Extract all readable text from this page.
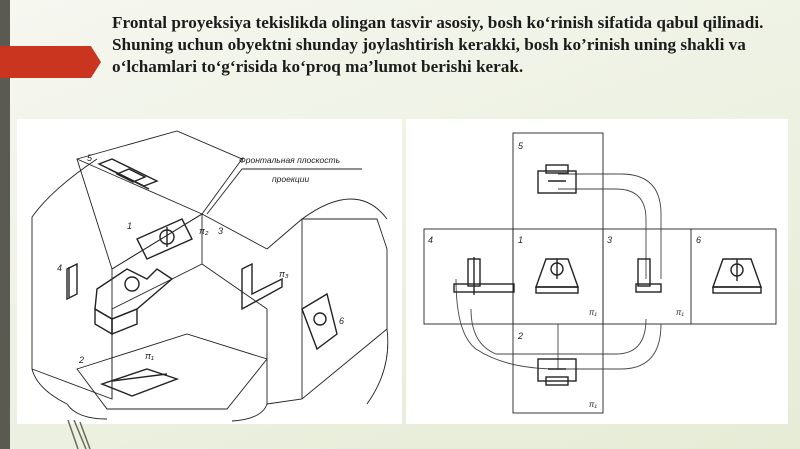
Frontal proyeksiya tekislikda olingan tasvir asosiy, bosh ko‘rinish sifatida qabul qilinadi. Shuning uchun obyektni shunday joylashtirish kerakki, bosh ko’rinish uning shakli va o‘lchamlari to‘g‘risida ko‘proq ma’lumot berishi kerak.
5
4
3
1
6
2
π₂
π₃
π₁
Фронтальная плоскость
проекции
5
4	1	3	6
2
π₁	π₁
π₁
